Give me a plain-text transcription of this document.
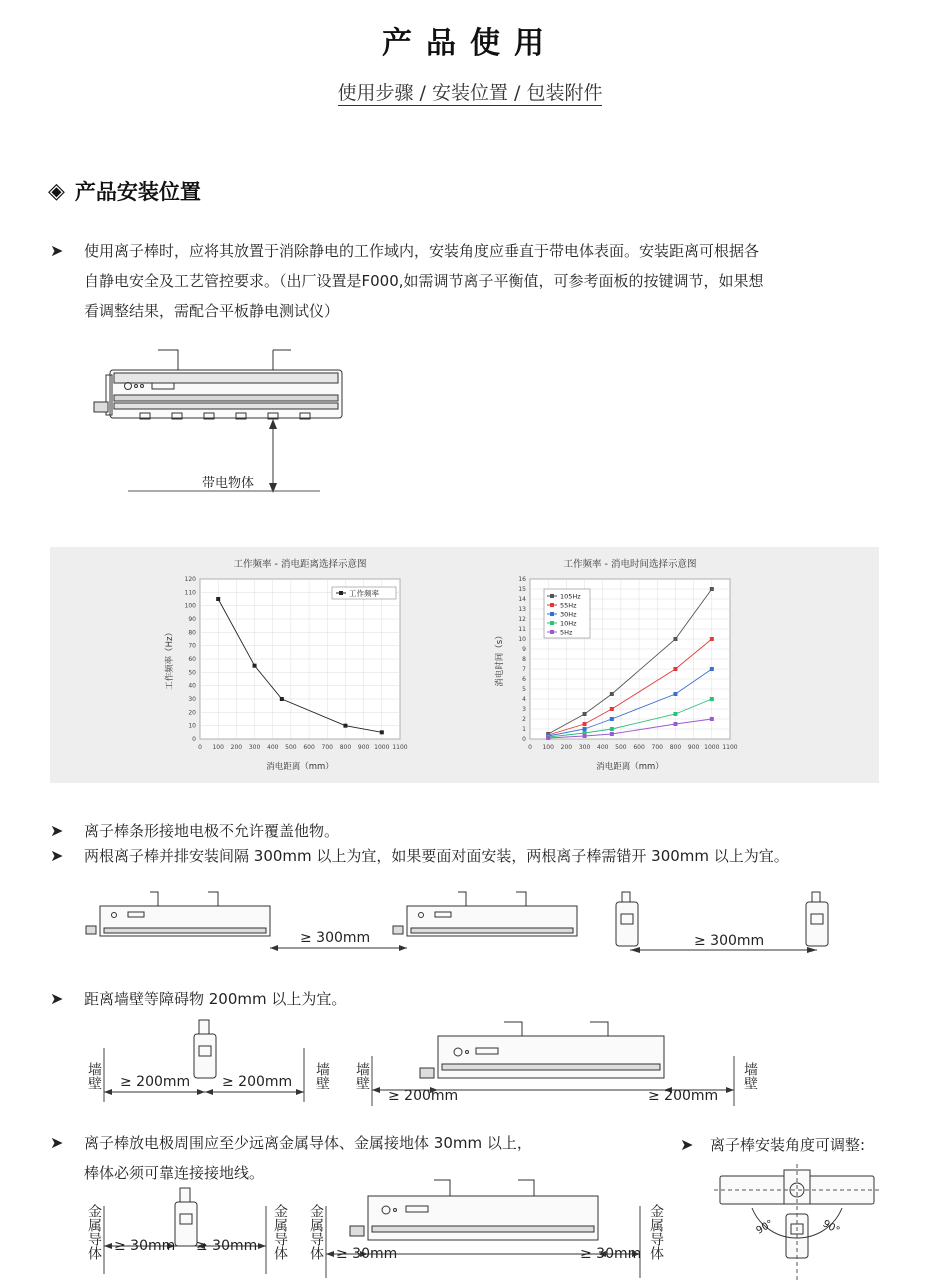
产品使用
使用步骤 / 安装位置 / 包装附件
◈ 产品安装位置
➤	使用离子棒时，应将其放置于消除静电的工作域内，安装角度应垂直于带电体表面。安装距离可根据各
自静电安全及工艺管控要求。（出厂设置是F000,如需调节离子平衡值，可参考面板的按键调节，如果想
看调整结果，需配合平板静电测试仪）
带电物体
工作频率 - 消电距离选择示意图
0 100 200 300 400 500 600 700 800 900 1000 1100
0
10
20
30
40
50
60
70
80
90
100
110
120
消电距离（mm）
工作频率（Hz）
工作频率
工作频率 - 消电时间选择示意图
0 100 200 300 400 500 600 700 800 900 1000 1100
0
1
2
3
4
5
6
7
8
9
10
11
12
13
14
15
16
消电距离（mm）
消电时间（s）
105Hz
55Hz
30Hz
10Hz
5Hz
➤	离子棒条形接地电极不允许覆盖他物。
➤	两根离子棒并排安装间隔 300mm 以上为宜，如果要面对面安装，两根离子棒需错开 300mm 以上为宜。
≥ 300mm	≥ 300mm
➤	距离墙壁等障碍物 200mm 以上为宜。
墙壁 ≥ 200mm ≥ 200mm 墙壁 墙壁
≥ 200mm	≥ 200mm
墙壁
➤	离子棒放电极周围应至少远离金属导体、金属接地体 30mm 以上，
棒体必须可靠连接接地线。
➤	离子棒安装角度可调整:
金属导体 ≥ 30mm ≥ 30mm 金属导体 金属导体 ≥ 30mm	≥ 30mm 金属导体	90°	90°
